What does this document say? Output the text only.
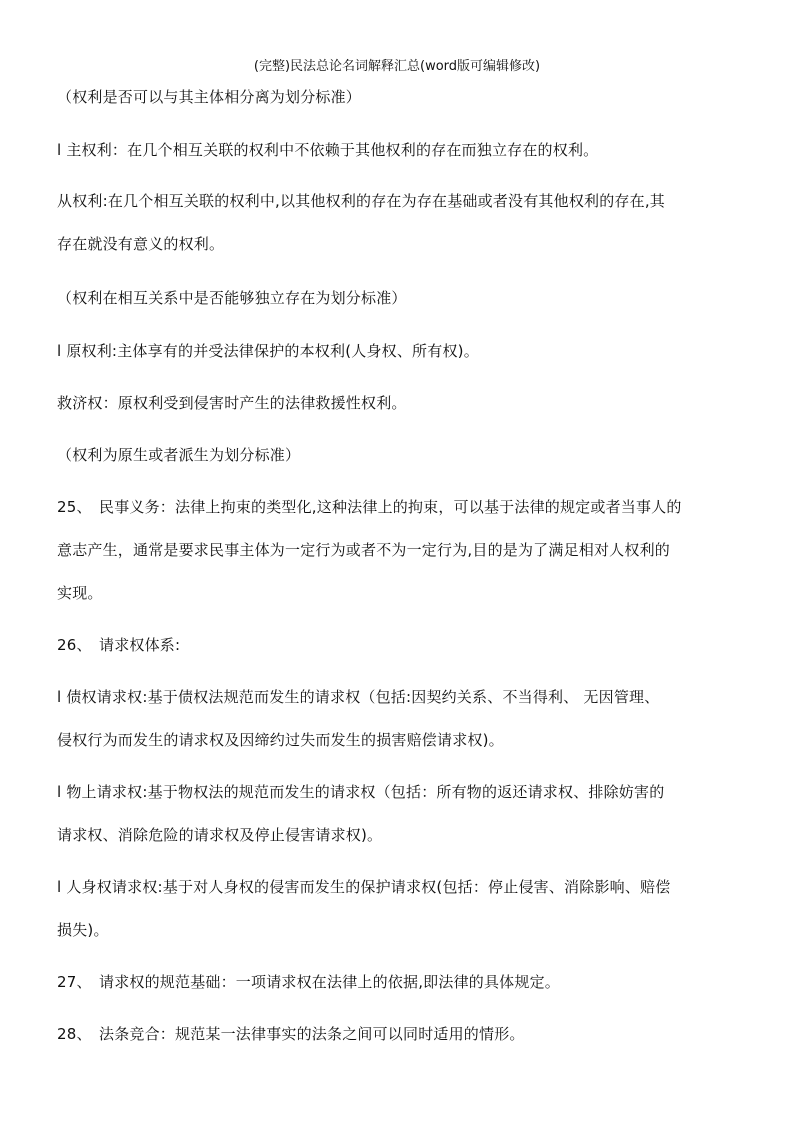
(完整)民法总论名词解释汇总(word版可编辑修改)
（权利是否可以与其主体相分离为划分标准）
l 主权利：在几个相互关联的权利中不依赖于其他权利的存在而独立存在的权利。
从权利:在几个相互关联的权利中,以其他权利的存在为存在基础或者没有其他权利的存在,其
存在就没有意义的权利。
（权利在相互关系中是否能够独立存在为划分标准）
l 原权利:主体享有的并受法律保护的本权利(人身权、所有权)。
救济权：原权利受到侵害时产生的法律救援性权利。
（权利为原生或者派生为划分标准）
25、 民事义务：法律上拘束的类型化,这种法律上的拘束，可以基于法律的规定或者当事人的
意志产生，通常是要求民事主体为一定行为或者不为一定行为,目的是为了满足相对人权利的
实现。
26、 请求权体系:
l 债权请求权:基于债权法规范而发生的请求权（包括:因契约关系、不当得利、 无因管理、
侵权行为而发生的请求权及因缔约过失而发生的损害赔偿请求权)。
l 物上请求权:基于物权法的规范而发生的请求权（包括：所有物的返还请求权、排除妨害的
请求权、消除危险的请求权及停止侵害请求权)。
l 人身权请求权:基于对人身权的侵害而发生的保护请求权(包括：停止侵害、消除影响、赔偿
损失)。
27、 请求权的规范基础：一项请求权在法律上的依据,即法律的具体规定。
28、 法条竞合：规范某一法律事实的法条之间可以同时适用的情形。
